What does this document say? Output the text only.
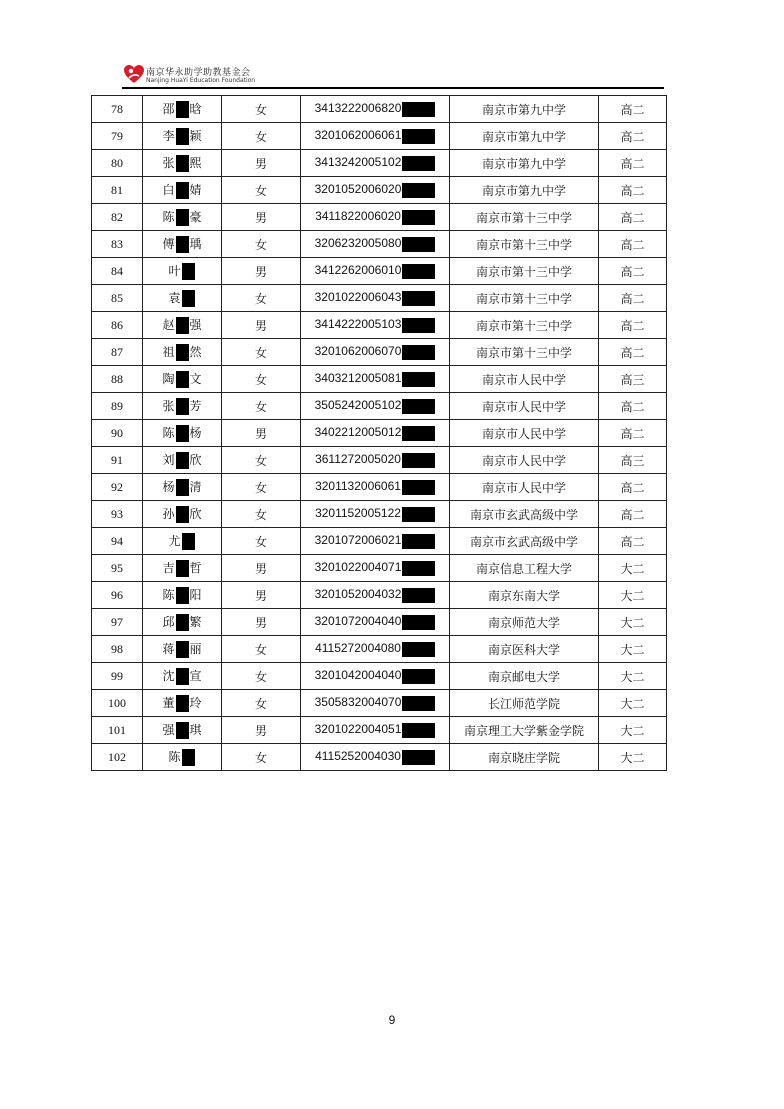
南京华永助学助教基金会
Nanjing HuaYi Education Foundation
78	邵 晗	女	3413222006820	南京市第九中学	高二
79	李 颖	女	3201062006061	南京市第九中学	高二
80	张 熙	男	3413242005102	南京市第九中学	高二
81	白 婧	女	3201052006020	南京市第九中学	高二
82	陈 豪	男	3411822006020	南京市第十三中学	高二
83	傅 瑀	女	3206232005080	南京市第十三中学	高二
84	叶	男	3412262006010	南京市第十三中学	高二
85	袁	女	3201022006043	南京市第十三中学	高二
86	赵 强	男	3414222005103	南京市第十三中学	高二
87	祖 然	女	3201062006070	南京市第十三中学	高二
88	陶 文	女	3403212005081	南京市人民中学	高三
89	张 芳	女	3505242005102	南京市人民中学	高二
90	陈 杨	男	3402212005012	南京市人民中学	高二
91	刘 欣	女	3611272005020	南京市人民中学	高三
92	杨 清	女	3201132006061	南京市人民中学	高二
93	孙 欣	女	3201152005122	南京市玄武高级中学	高二
94	尤	女	3201072006021	南京市玄武高级中学	高二
95	吉 哲	男	3201022004071	南京信息工程大学	大二
96	陈 阳	男	3201052004032	南京东南大学	大二
97	邱 繁	男	3201072004040	南京师范大学	大二
98	蒋 丽	女	4115272004080	南京医科大学	大二
99	沈 宣	女	3201042004040	南京邮电大学	大二
100	董 玲	女	3505832004070	长江师范学院	大二
101	强 琪	男	3201022004051	南京理工大学紫金学院	大二
102	陈	女	4115252004030	南京晓庄学院	大二
9
